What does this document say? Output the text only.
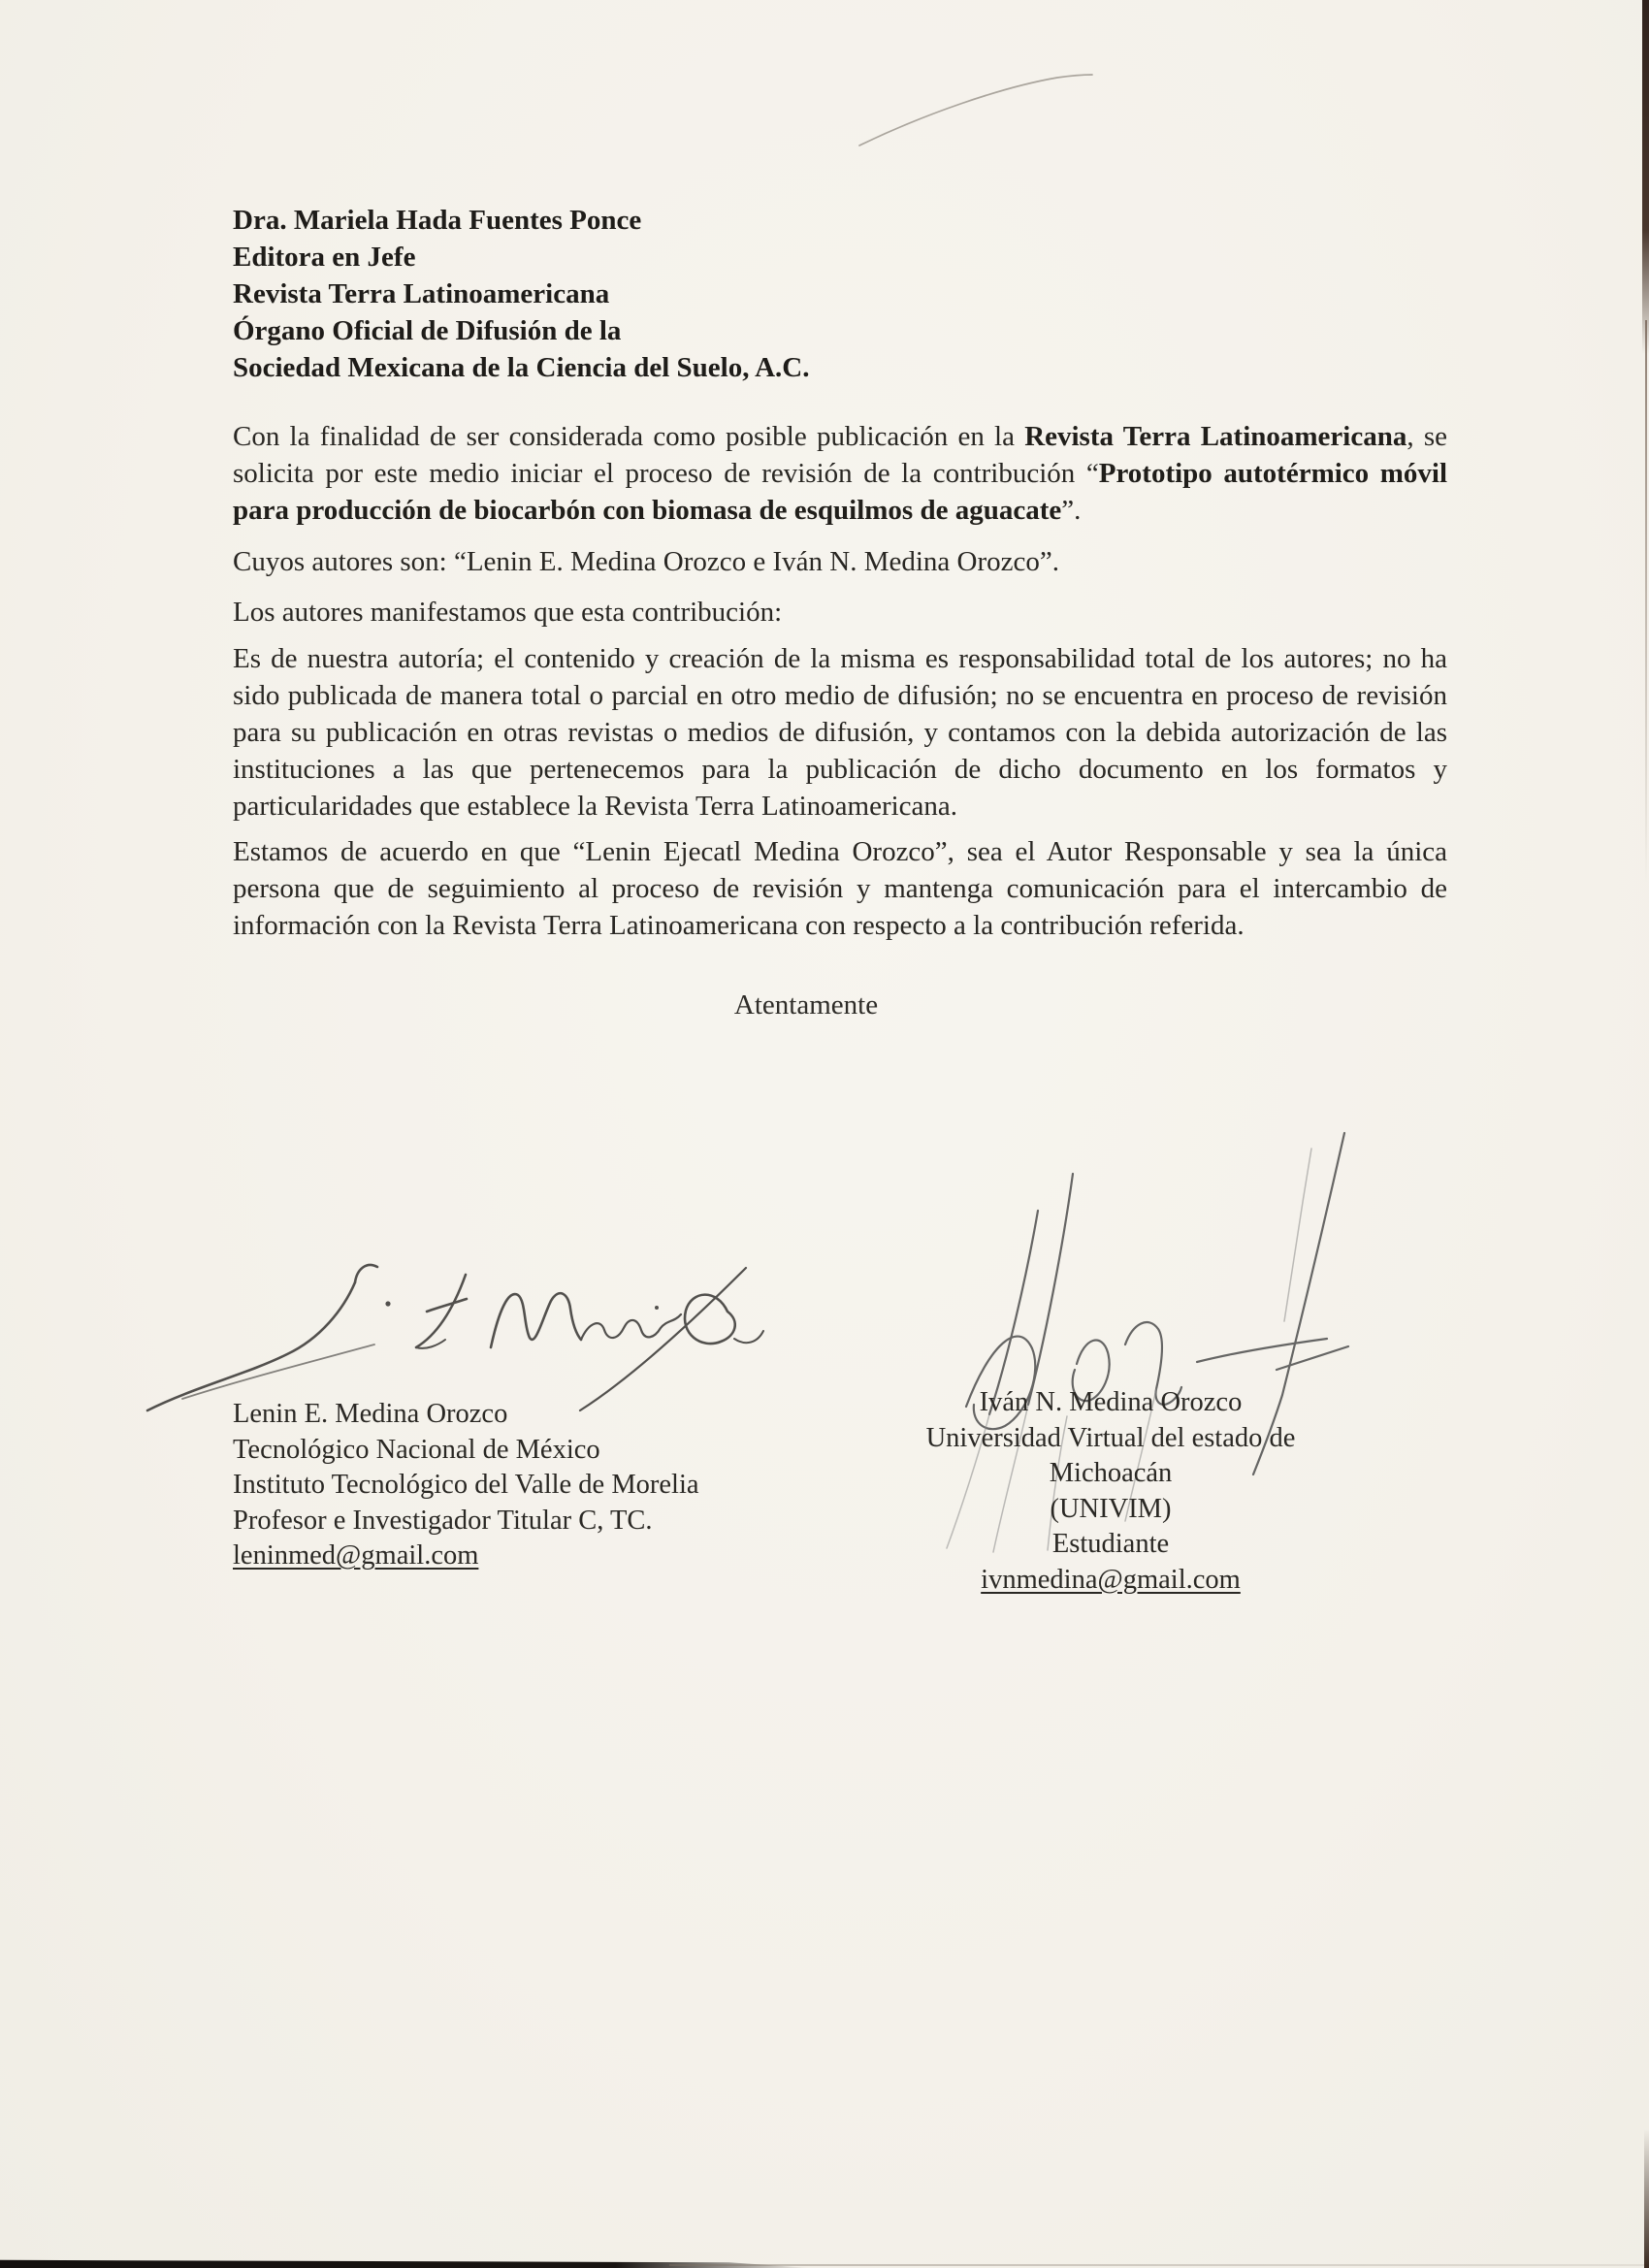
Dra. Mariela Hada Fuentes Ponce
Editora en Jefe
Revista Terra Latinoamericana
Órgano Oficial de Difusión de la
Sociedad Mexicana de la Ciencia del Suelo, A.C.

Con la finalidad de ser considerada como posible publicación en la Revista Terra Latinoamericana, se solicita por este medio iniciar el proceso de revisión de la contribución “Prototipo autotérmico móvil para producción de biocarbón con biomasa de esquilmos de aguacate”.

Cuyos autores son: “Lenin E. Medina Orozco e Iván N. Medina Orozco”.

Los autores manifestamos que esta contribución:

Es de nuestra autoría; el contenido y creación de la misma es responsabilidad total de los autores; no ha sido publicada de manera total o parcial en otro medio de difusión; no se encuentra en proceso de revisión para su publicación en otras revistas o medios de difusión, y contamos con la debida autorización de las instituciones a las que pertenecemos para la publicación de dicho documento en los formatos y particularidades que establece la Revista Terra Latinoamericana.

Estamos de acuerdo en que “Lenin Ejecatl Medina Orozco”, sea el Autor Responsable y sea la única persona que de seguimiento al proceso de revisión y mantenga comunicación para el intercambio de información con la Revista Terra Latinoamericana con respecto a la contribución referida.

Atentamente
Lenin E. Medina Orozco
Tecnológico Nacional de México
Instituto Tecnológico del Valle de Morelia
Profesor e Investigador Titular C, TC.
leninmed@gmail.com
Iván N. Medina Orozco
Universidad Virtual del estado de Michoacán
(UNIVIM)
Estudiante
ivnmedina@gmail.com
